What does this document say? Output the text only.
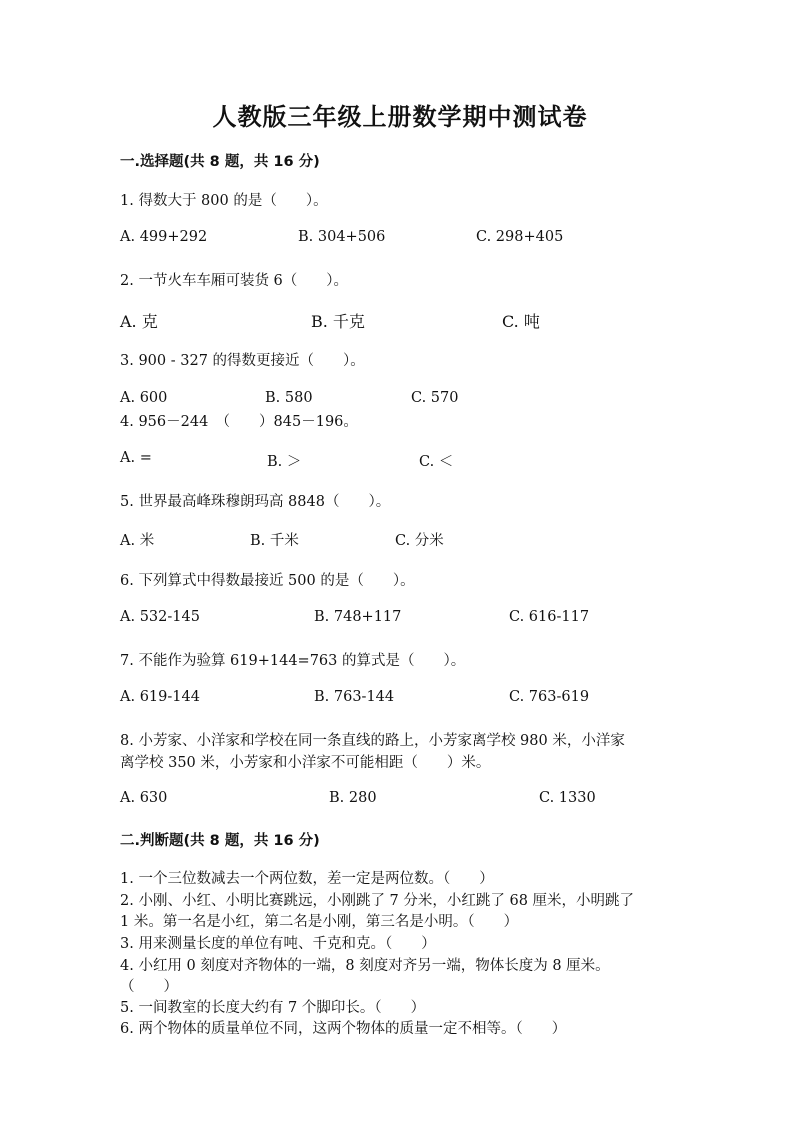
人教版三年级上册数学期中测试卷
一.选择题(共 8 题，共 16 分)
1. 得数大于 800 的是（　　）。
A. 499+292	B. 304+506	C. 298+405
2. 一节火车车厢可装货 6（　　）。
A. 克	B. 千克	C. 吨
3. 900 - 327 的得数更接近（　　）。
A. 600	B. 580	C. 570
4. 956－244　（　　）845－196。
A. =	B. ＞	C. ＜
5. 世界最高峰珠穆朗玛高 8848（　　）。
A. 米	B. 千米	C. 分米
6. 下列算式中得数最接近 500 的是（　　）。
A. 532-145	B. 748+117	C. 616-117
7. 不能作为验算 619+144=763 的算式是（　　）。
A. 619-144	B. 763-144	C. 763-619
8. 小芳家、小洋家和学校在同一条直线的路上，小芳家离学校 980 米，小洋家
离学校 350 米，小芳家和小洋家不可能相距（　　）米。
A. 630	B. 280	C. 1330
二.判断题(共 8 题，共 16 分)
1. 一个三位数减去一个两位数，差一定是两位数。（　　）
2. 小刚、小红、小明比赛跳远，小刚跳了 7 分米，小红跳了 68 厘米，小明跳了
1 米。第一名是小红，第二名是小刚，第三名是小明。（　　）
3. 用来测量长度的单位有吨、千克和克。（　　）
4. 小红用 0 刻度对齐物体的一端，8 刻度对齐另一端，物体长度为 8 厘米。
（　　）
5. 一间教室的长度大约有 7 个脚印长。（　　）
6. 两个物体的质量单位不同，这两个物体的质量一定不相等。（　　）
